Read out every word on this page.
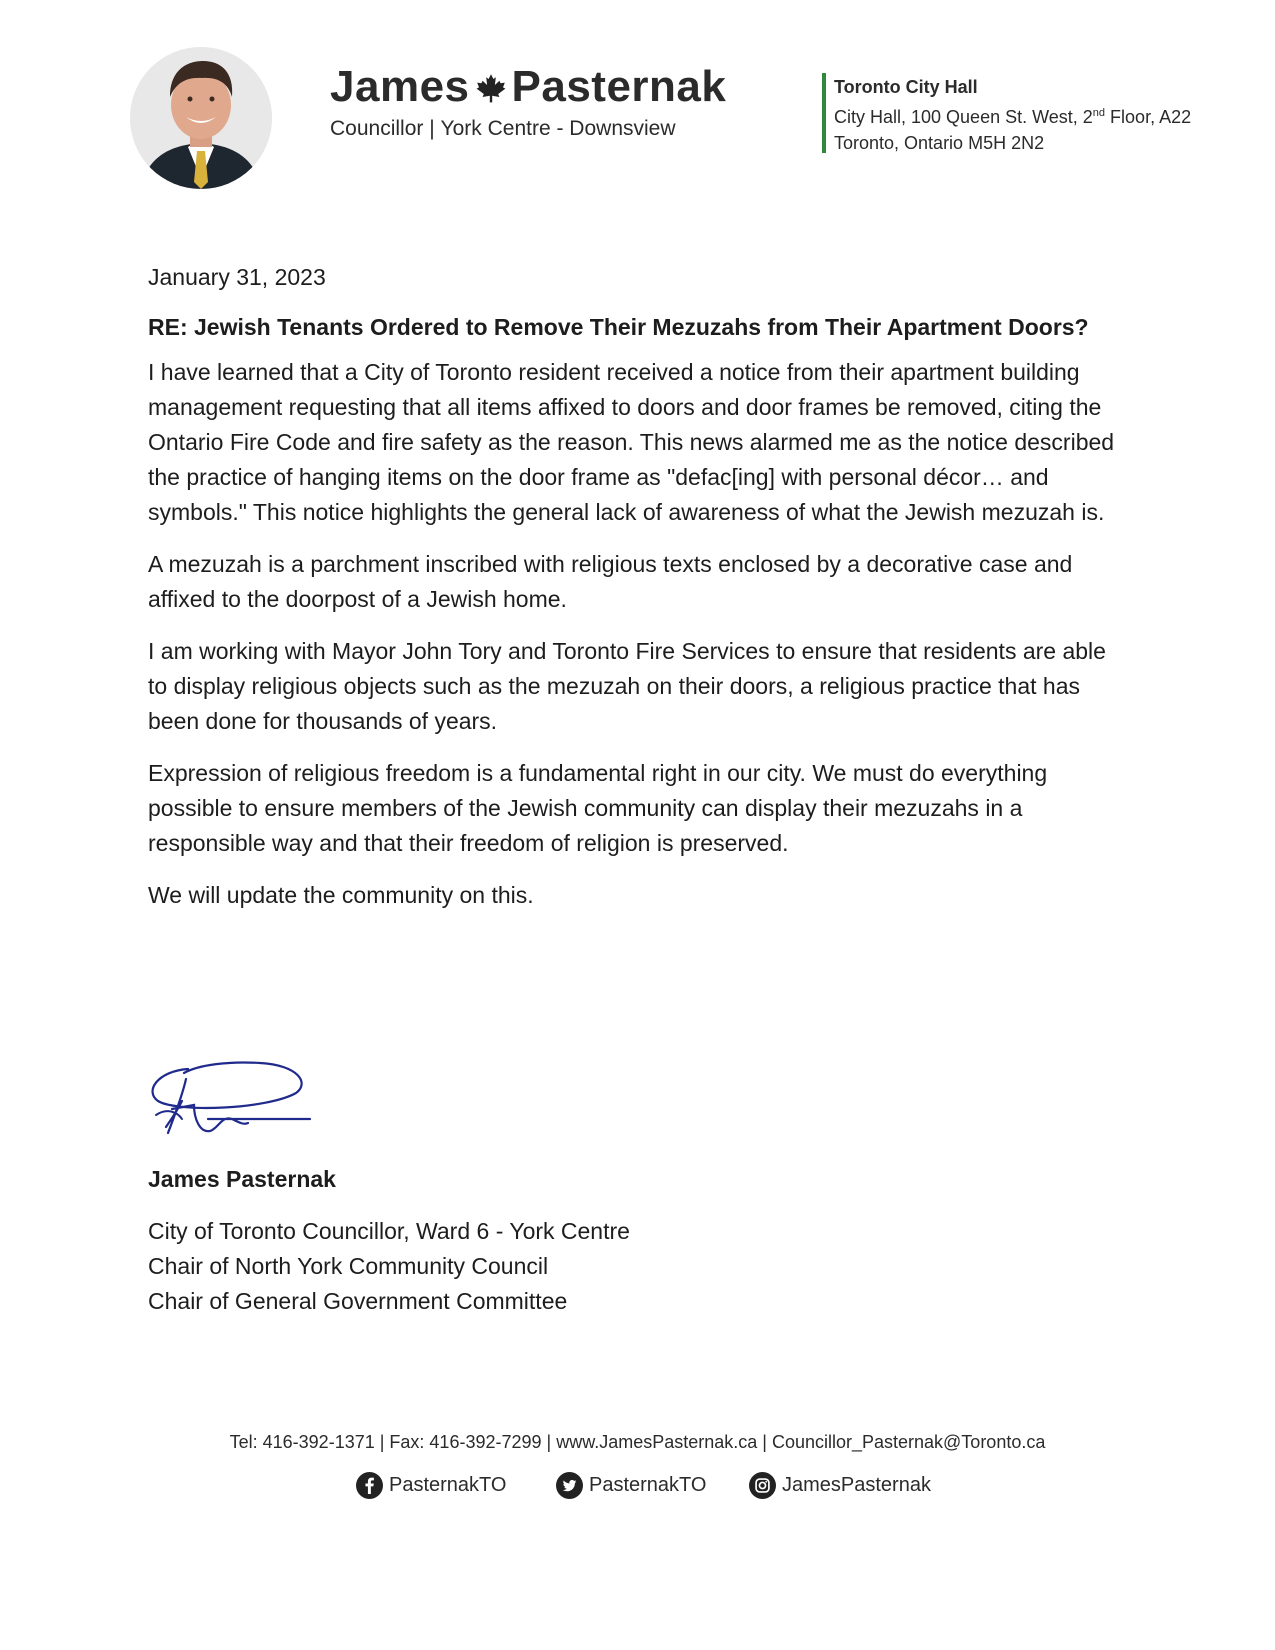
James Pasternak
Councillor | York Centre - Downsview
Toronto City Hall
City Hall, 100 Queen St. West, 2nd Floor, A22
Toronto, Ontario M5H 2N2
January 31, 2023
RE: Jewish Tenants Ordered to Remove Their Mezuzahs from Their Apartment Doors?

I have learned that a City of Toronto resident received a notice from their apartment building management requesting that all items affixed to doors and door frames be removed, citing the Ontario Fire Code and fire safety as the reason. This news alarmed me as the notice described the practice of hanging items on the door frame as "defac[ing] with personal décor… and symbols." This notice highlights the general lack of awareness of what the Jewish mezuzah is.

A mezuzah is a parchment inscribed with religious texts enclosed by a decorative case and affixed to the doorpost of a Jewish home.

I am working with Mayor John Tory and Toronto Fire Services to ensure that residents are able to display religious objects such as the mezuzah on their doors, a religious practice that has been done for thousands of years.

Expression of religious freedom is a fundamental right in our city. We must do everything possible to ensure members of the Jewish community can display their mezuzahs in a responsible way and that their freedom of religion is preserved.

We will update the community on this.

James Pasternak
City of Toronto Councillor, Ward 6 - York Centre
Chair of North York Community Council
Chair of General Government Committee
Tel: 416-392-1371 | Fax: 416-392-7299 | www.JamesPasternak.ca | Councillor_Pasternak@Toronto.ca
PasternakTO	PasternakTO	JamesPasternak
